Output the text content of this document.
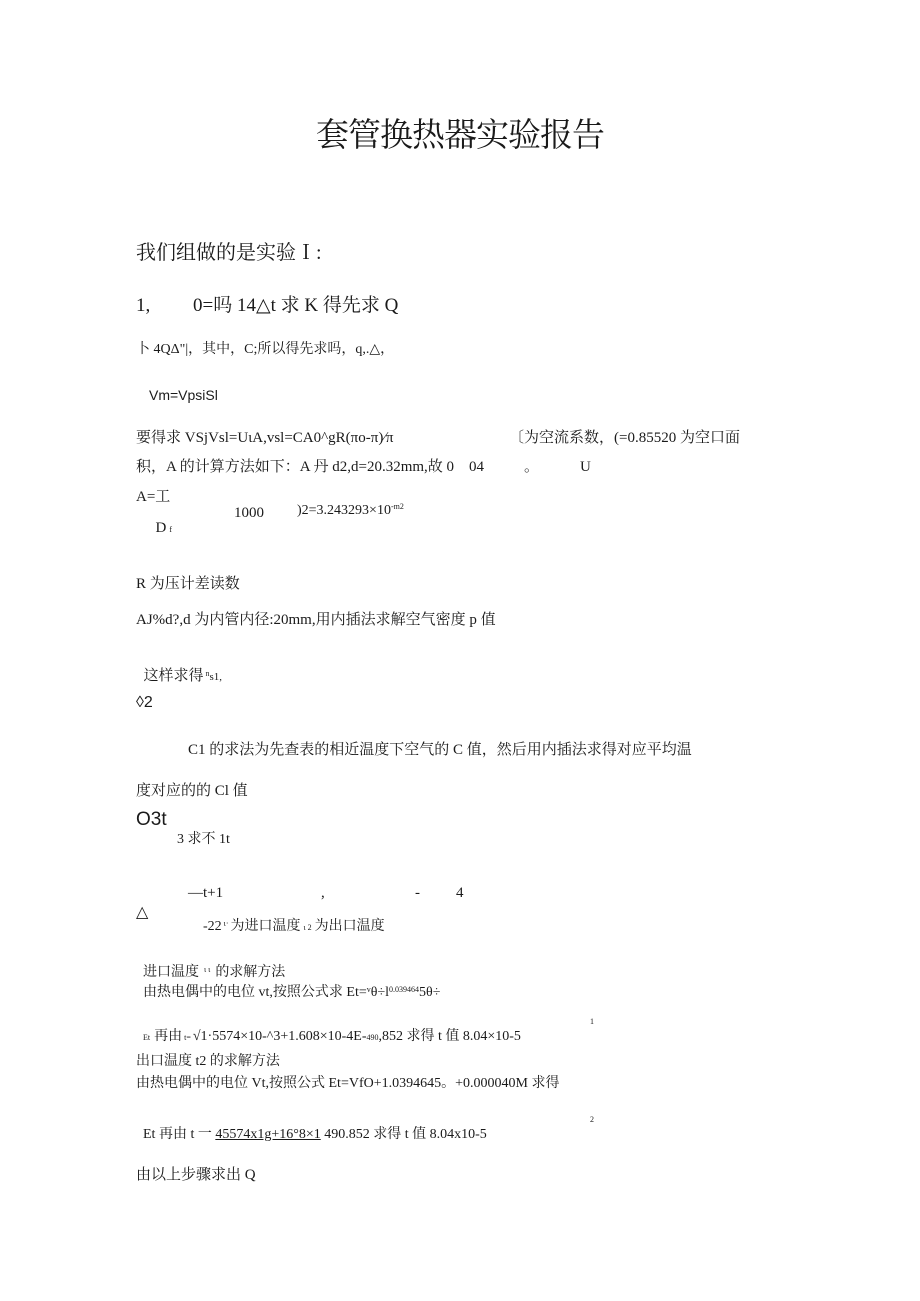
套管换热器实验报告
我们组做的是实验Ｉ:
1,         0=吗 14△t 求 K 得先求 Q
卜 4QΔ"|，其中，C;所以得先求吗，q,.△，
Vm=VpsiSl
要得求 VSjVsl=UιA,vsl=CA0^gR(πo-π)∕π	〔为空流系数，(=0.85520 为空口面
积，A 的计算方法如下：A 丹 d2,d=20.32mm,故 0    04	。	U
A=工

)$2=3.243293\times 10^{-m2}$

Df

1000
R 为压计差读数
AJ%d?,d 为内管内径:20mm,用内插法求解空气密度 p 值

这样求得 $^n$s1,

◊2
C1 的求法为先查表的相近温度下空气的 C 值，然后用内插法求得对应平均温
度对应的的 Cl 值
O3t
3 求不 1t
—t+1	,	- 4
△

-22 $^{\iota\cdot}$ 为进口温度 ι 2 为出口温度

进口温度 $^{\iota \iota}$ 的求解方法

由热电偶中的电位 vt,按照公式求 $Et=^v\theta\div l^{0.039464}5\theta\div$

Et 再由 t= √1·5574×10-^3+1.608×10-4E-490,852 求得 t 值 8.04×10-5

1
出口温度 t2 的求解方法
由热电偶中的电位 Vt,按照公式 Et=VfO+1.0394645。+0.000040M 求得

Et 再由 t 一 45574x1g+16°8×1 490.852 求得 t 值 8.04x10-5

2
由以上步骤求出 Q
